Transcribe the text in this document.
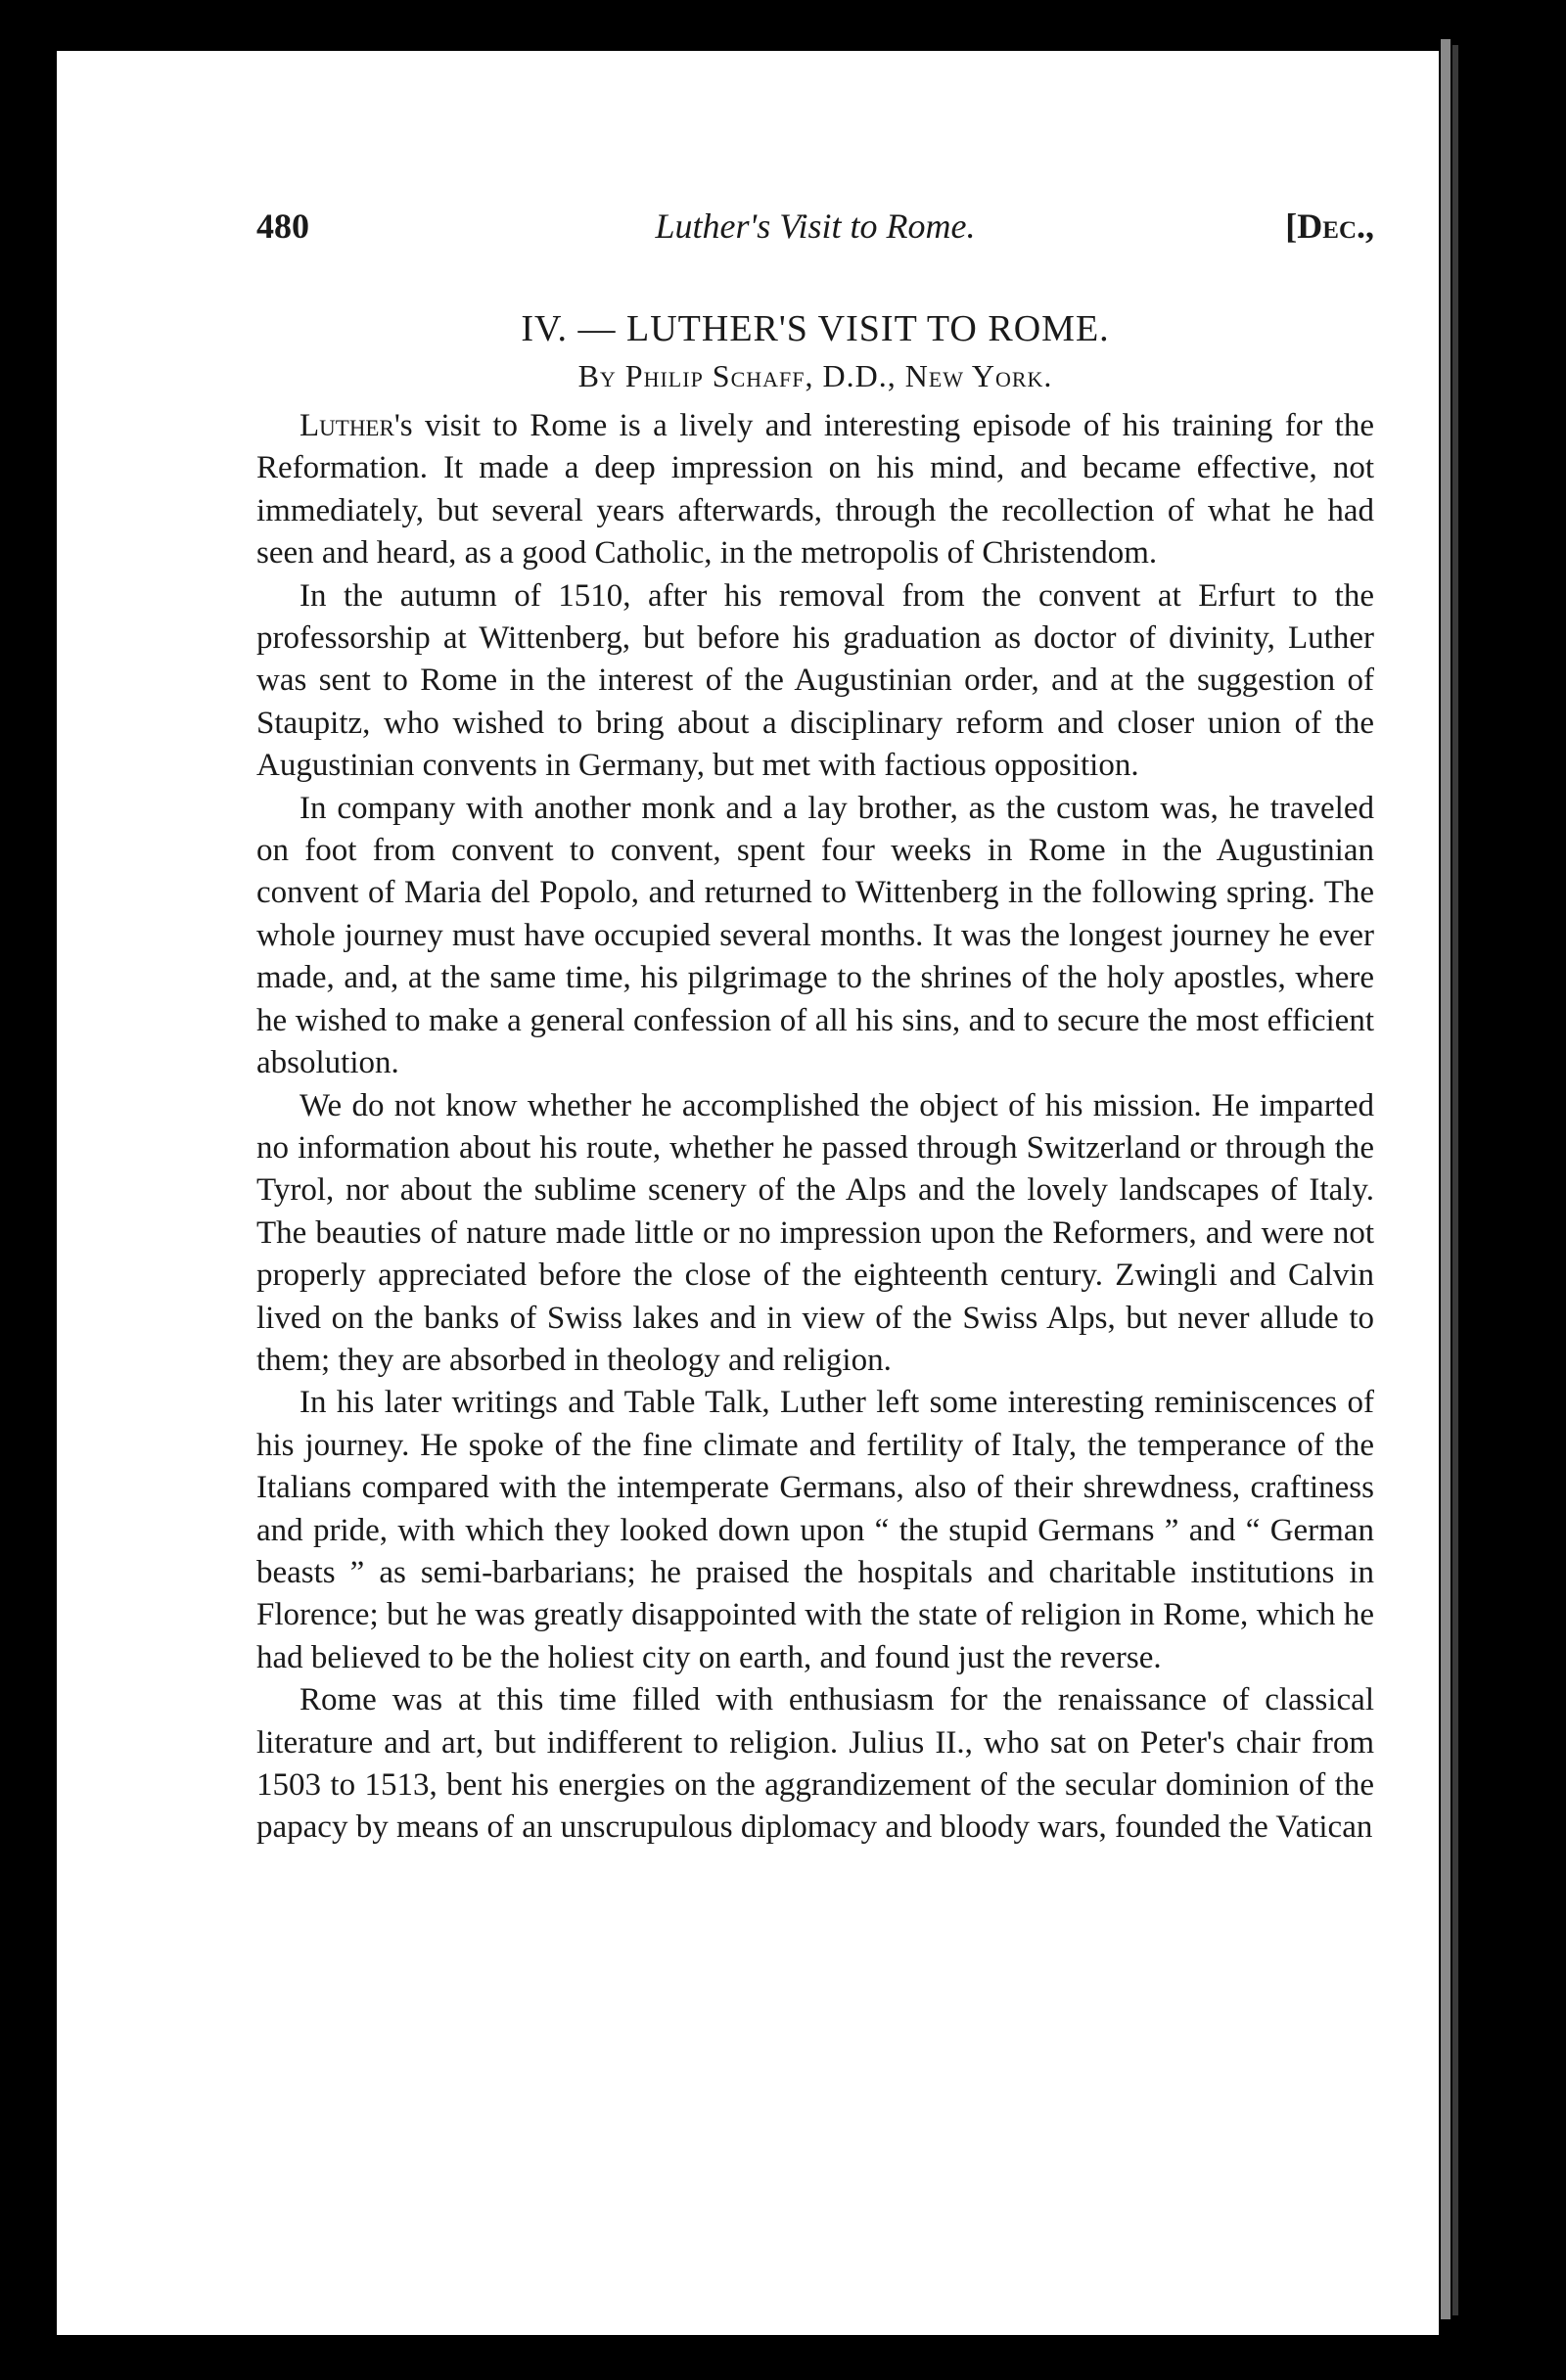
480	Luther's Visit to Rome.	[Dec.,
IV. — LUTHER'S VISIT TO ROME.
By Philip Schaff, D.D., New York.

Luther's visit to Rome is a lively and interesting episode of his training for the Reformation. It made a deep impression on his mind, and became effective, not immediately, but several years afterwards, through the recollection of what he had seen and heard, as a good Catholic, in the metropolis of Christendom.

In the autumn of 1510, after his removal from the convent at Erfurt to the professorship at Wittenberg, but before his graduation as doctor of divinity, Luther was sent to Rome in the interest of the Augustinian order, and at the suggestion of Staupitz, who wished to bring about a disciplinary reform and closer union of the Augustinian convents in Germany, but met with factious opposition.

In company with another monk and a lay brother, as the custom was, he traveled on foot from convent to convent, spent four weeks in Rome in the Augustinian convent of Maria del Popolo, and returned to Wittenberg in the following spring. The whole journey must have occupied several months. It was the longest journey he ever made, and, at the same time, his pilgrimage to the shrines of the holy apostles, where he wished to make a general confession of all his sins, and to secure the most efficient absolution.

We do not know whether he accomplished the object of his mission. He imparted no information about his route, whether he passed through Switzerland or through the Tyrol, nor about the sublime scenery of the Alps and the lovely landscapes of Italy. The beauties of nature made little or no impression upon the Reformers, and were not properly appreciated before the close of the eighteenth century. Zwingli and Calvin lived on the banks of Swiss lakes and in view of the Swiss Alps, but never allude to them; they are absorbed in theology and religion.

In his later writings and Table Talk, Luther left some interesting reminiscences of his journey. He spoke of the fine climate and fertility of Italy, the temperance of the Italians compared with the intemperate Germans, also of their shrewdness, craftiness and pride, with which they looked down upon “ the stupid Germans ” and “ German beasts ” as semi-barbarians; he praised the hospitals and charitable institutions in Florence; but he was greatly disappointed with the state of religion in Rome, which he had believed to be the holiest city on earth, and found just the reverse.

Rome was at this time filled with enthusiasm for the renaissance of classical literature and art, but indifferent to religion. Julius II., who sat on Peter's chair from 1503 to 1513, bent his energies on the aggrandizement of the secular dominion of the papacy by means of an unscrupulous diplomacy and bloody wars, founded the Vatican
